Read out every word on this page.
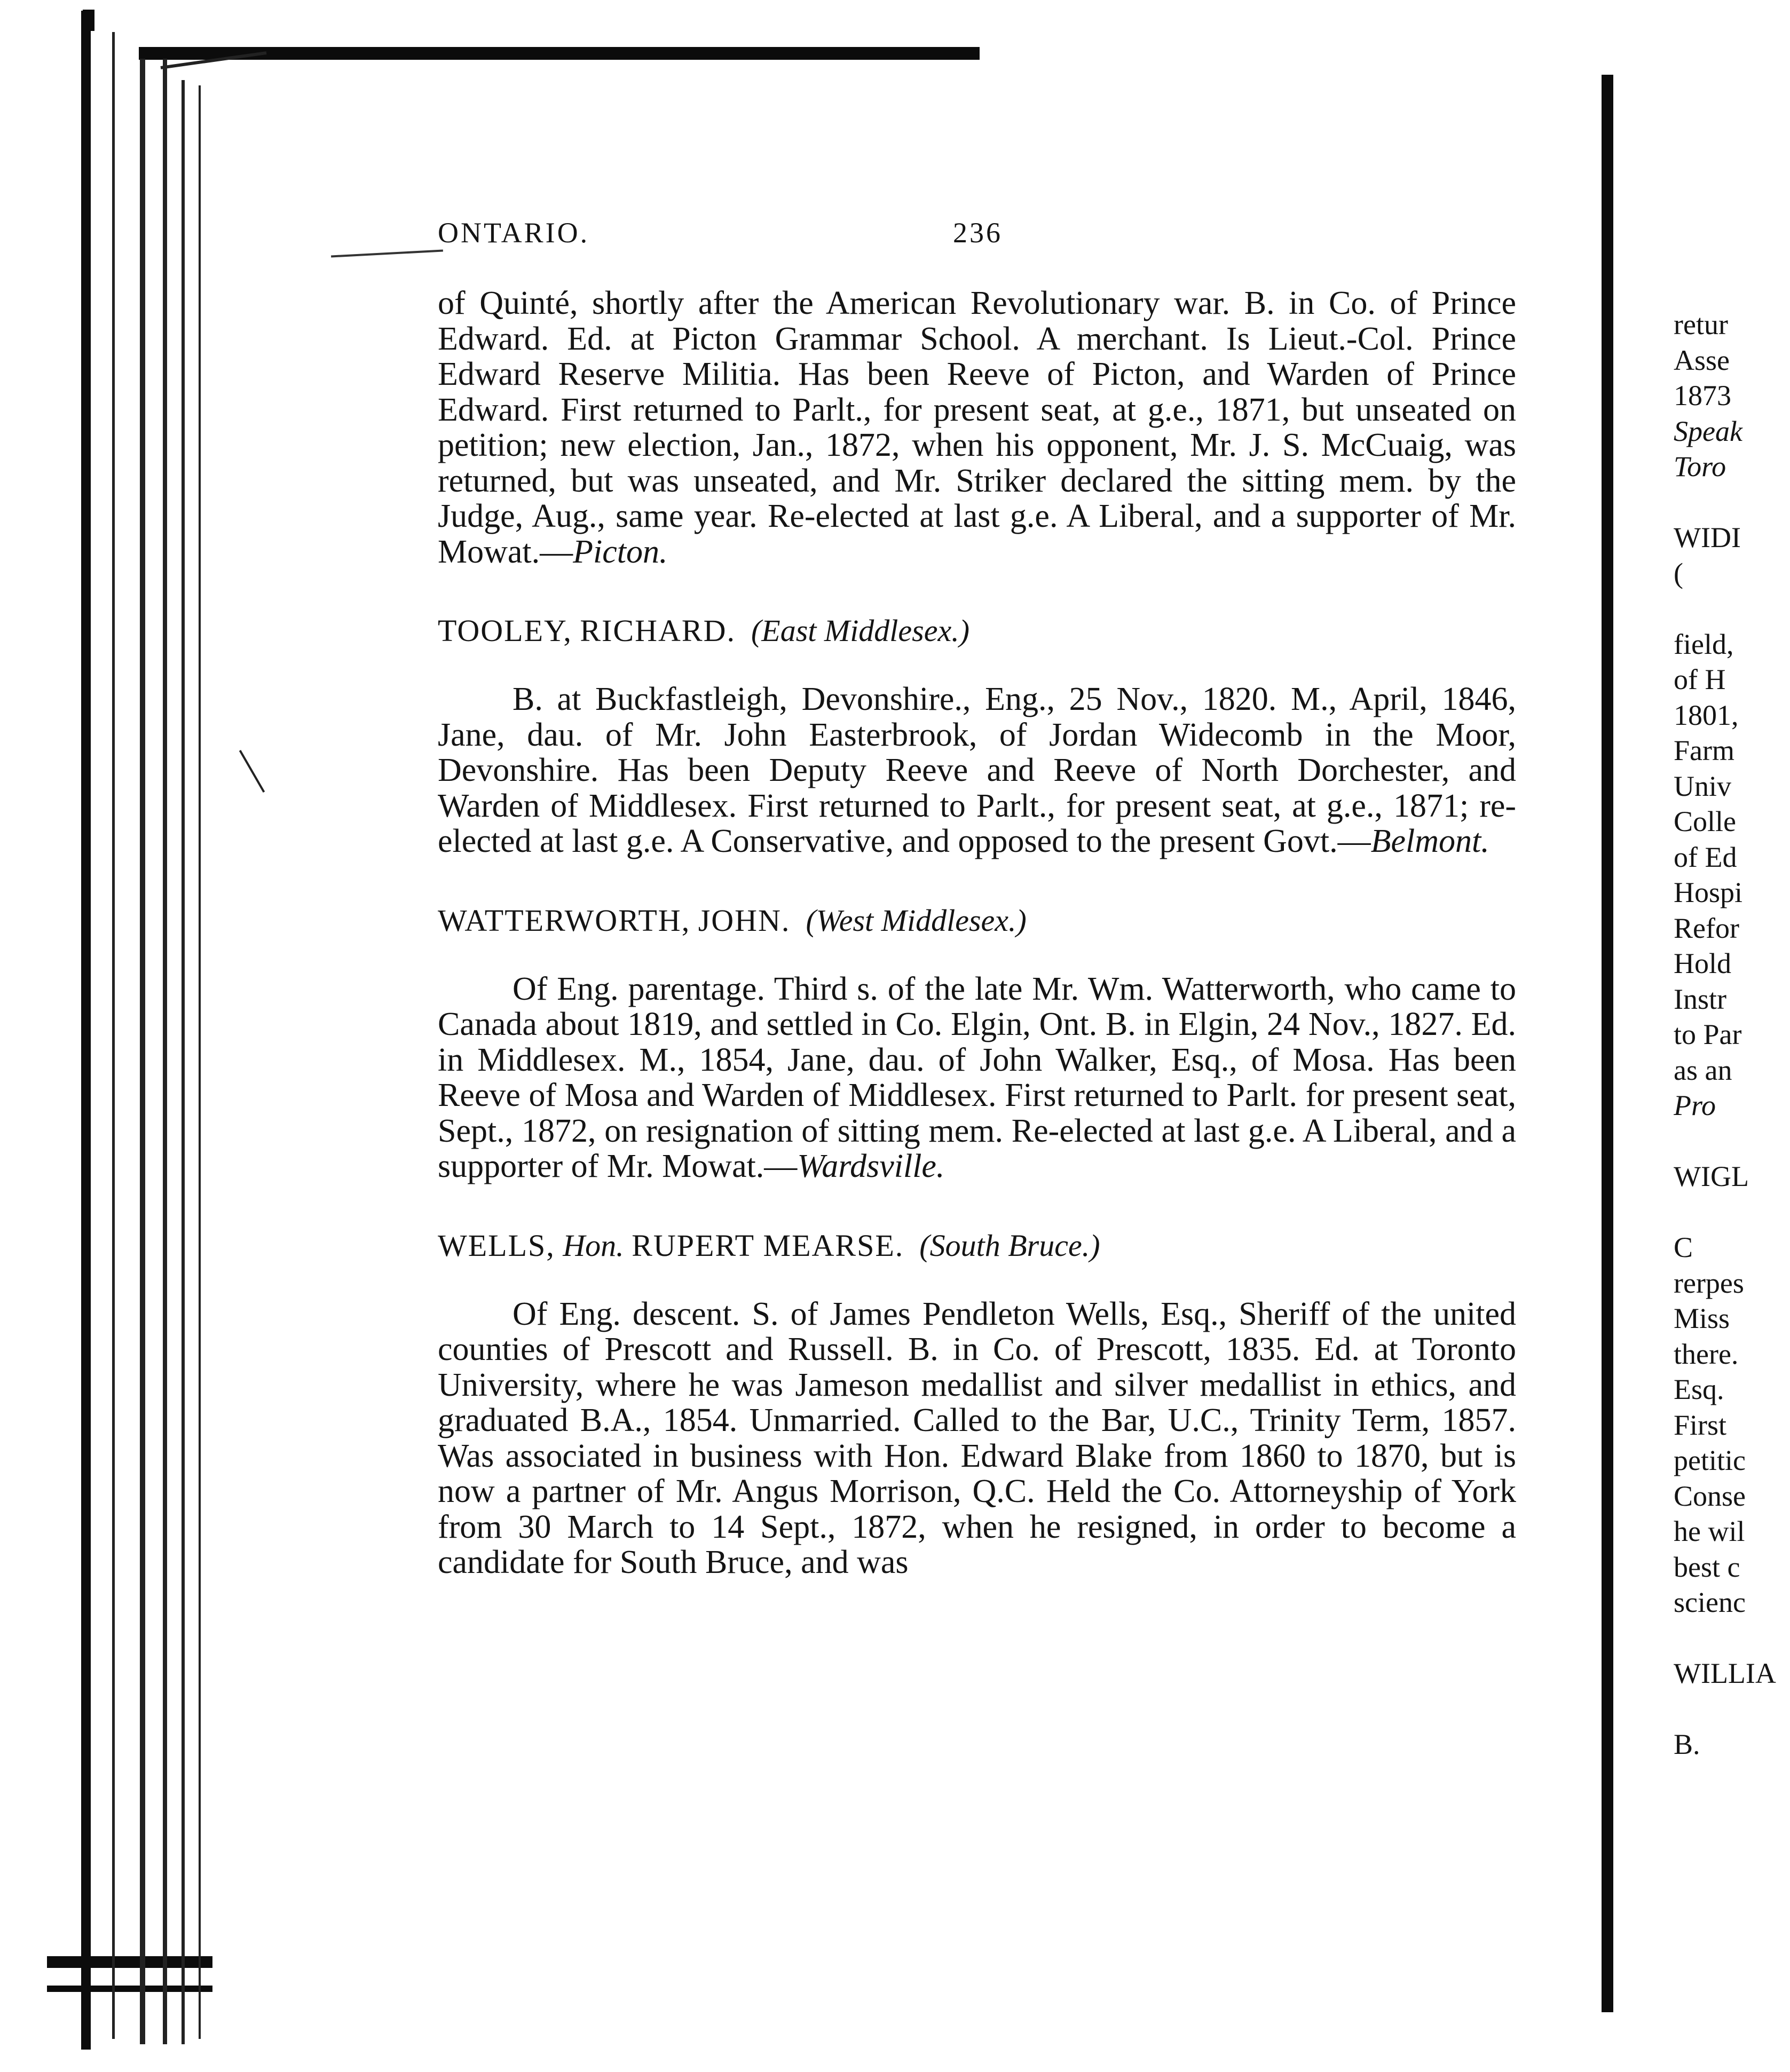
ONTARIO.	236

of Quinté, shortly after the American Revolutionary war. B. in Co. of Prince Edward. Ed. at Picton Grammar School. A merchant. Is Lieut.-Col. Prince Edward Reserve Militia. Has been Reeve of Picton, and Warden of Prince Edward. First returned to Parlt., for present seat, at g.e., 1871, but unseated on petition; new election, Jan., 1872, when his opponent, Mr. J. S. McCuaig, was returned, but was unseated, and Mr. Striker declared the sitting mem. by the Judge, Aug., same year. Re-elected at last g.e. A Liberal, and a supporter of Mr. Mowat.—Picton.

TOOLEY, RICHARD. (East Middlesex.)

B. at Buckfastleigh, Devonshire., Eng., 25 Nov., 1820. M., April, 1846, Jane, dau. of Mr. John Easterbrook, of Jordan Widecomb in the Moor, Devonshire. Has been Deputy Reeve and Reeve of North Dorchester, and Warden of Middlesex. First returned to Parlt., for present seat, at g.e., 1871; re-elected at last g.e. A Conservative, and opposed to the present Govt.—Belmont.

WATTERWORTH, JOHN. (West Middlesex.)

Of Eng. parentage. Third s. of the late Mr. Wm. Watterworth, who came to Canada about 1819, and settled in Co. Elgin, Ont. B. in Elgin, 24 Nov., 1827. Ed. in Middlesex. M., 1854, Jane, dau. of John Walker, Esq., of Mosa. Has been Reeve of Mosa and Warden of Middlesex. First returned to Parlt. for present seat, Sept., 1872, on resignation of sitting mem. Re-elected at last g.e. A Liberal, and a supporter of Mr. Mowat.—Wardsville.

WELLS, Hon. RUPERT MEARSE. (South Bruce.)

Of Eng. descent. S. of James Pendleton Wells, Esq., Sheriff of the united counties of Prescott and Russell. B. in Co. of Prescott, 1835. Ed. at Toronto University, where he was Jameson medallist and silver medallist in ethics, and graduated B.A., 1854. Unmarried. Called to the Bar, U.C., Trinity Term, 1857. Was associated in business with Hon. Edward Blake from 1860 to 1870, but is now a partner of Mr. Angus Morrison, Q.C. Held the Co. Attorneyship of York from 30 March to 14 Sept., 1872, when he resigned, in order to become a candidate for South Bruce, and was

retur
Asse
1873
Speak
Toro
WIDI
(
field,
of H
1801,
Farm
Univ
Colle
of Ed
Hospi
Refor
Hold
Instr
to Par
as an
Pro
WIGL
C
rerpes
Miss
there.
Esq.
First
petitic
Conse
he wil
best c
scienc
WILLIA
B.
